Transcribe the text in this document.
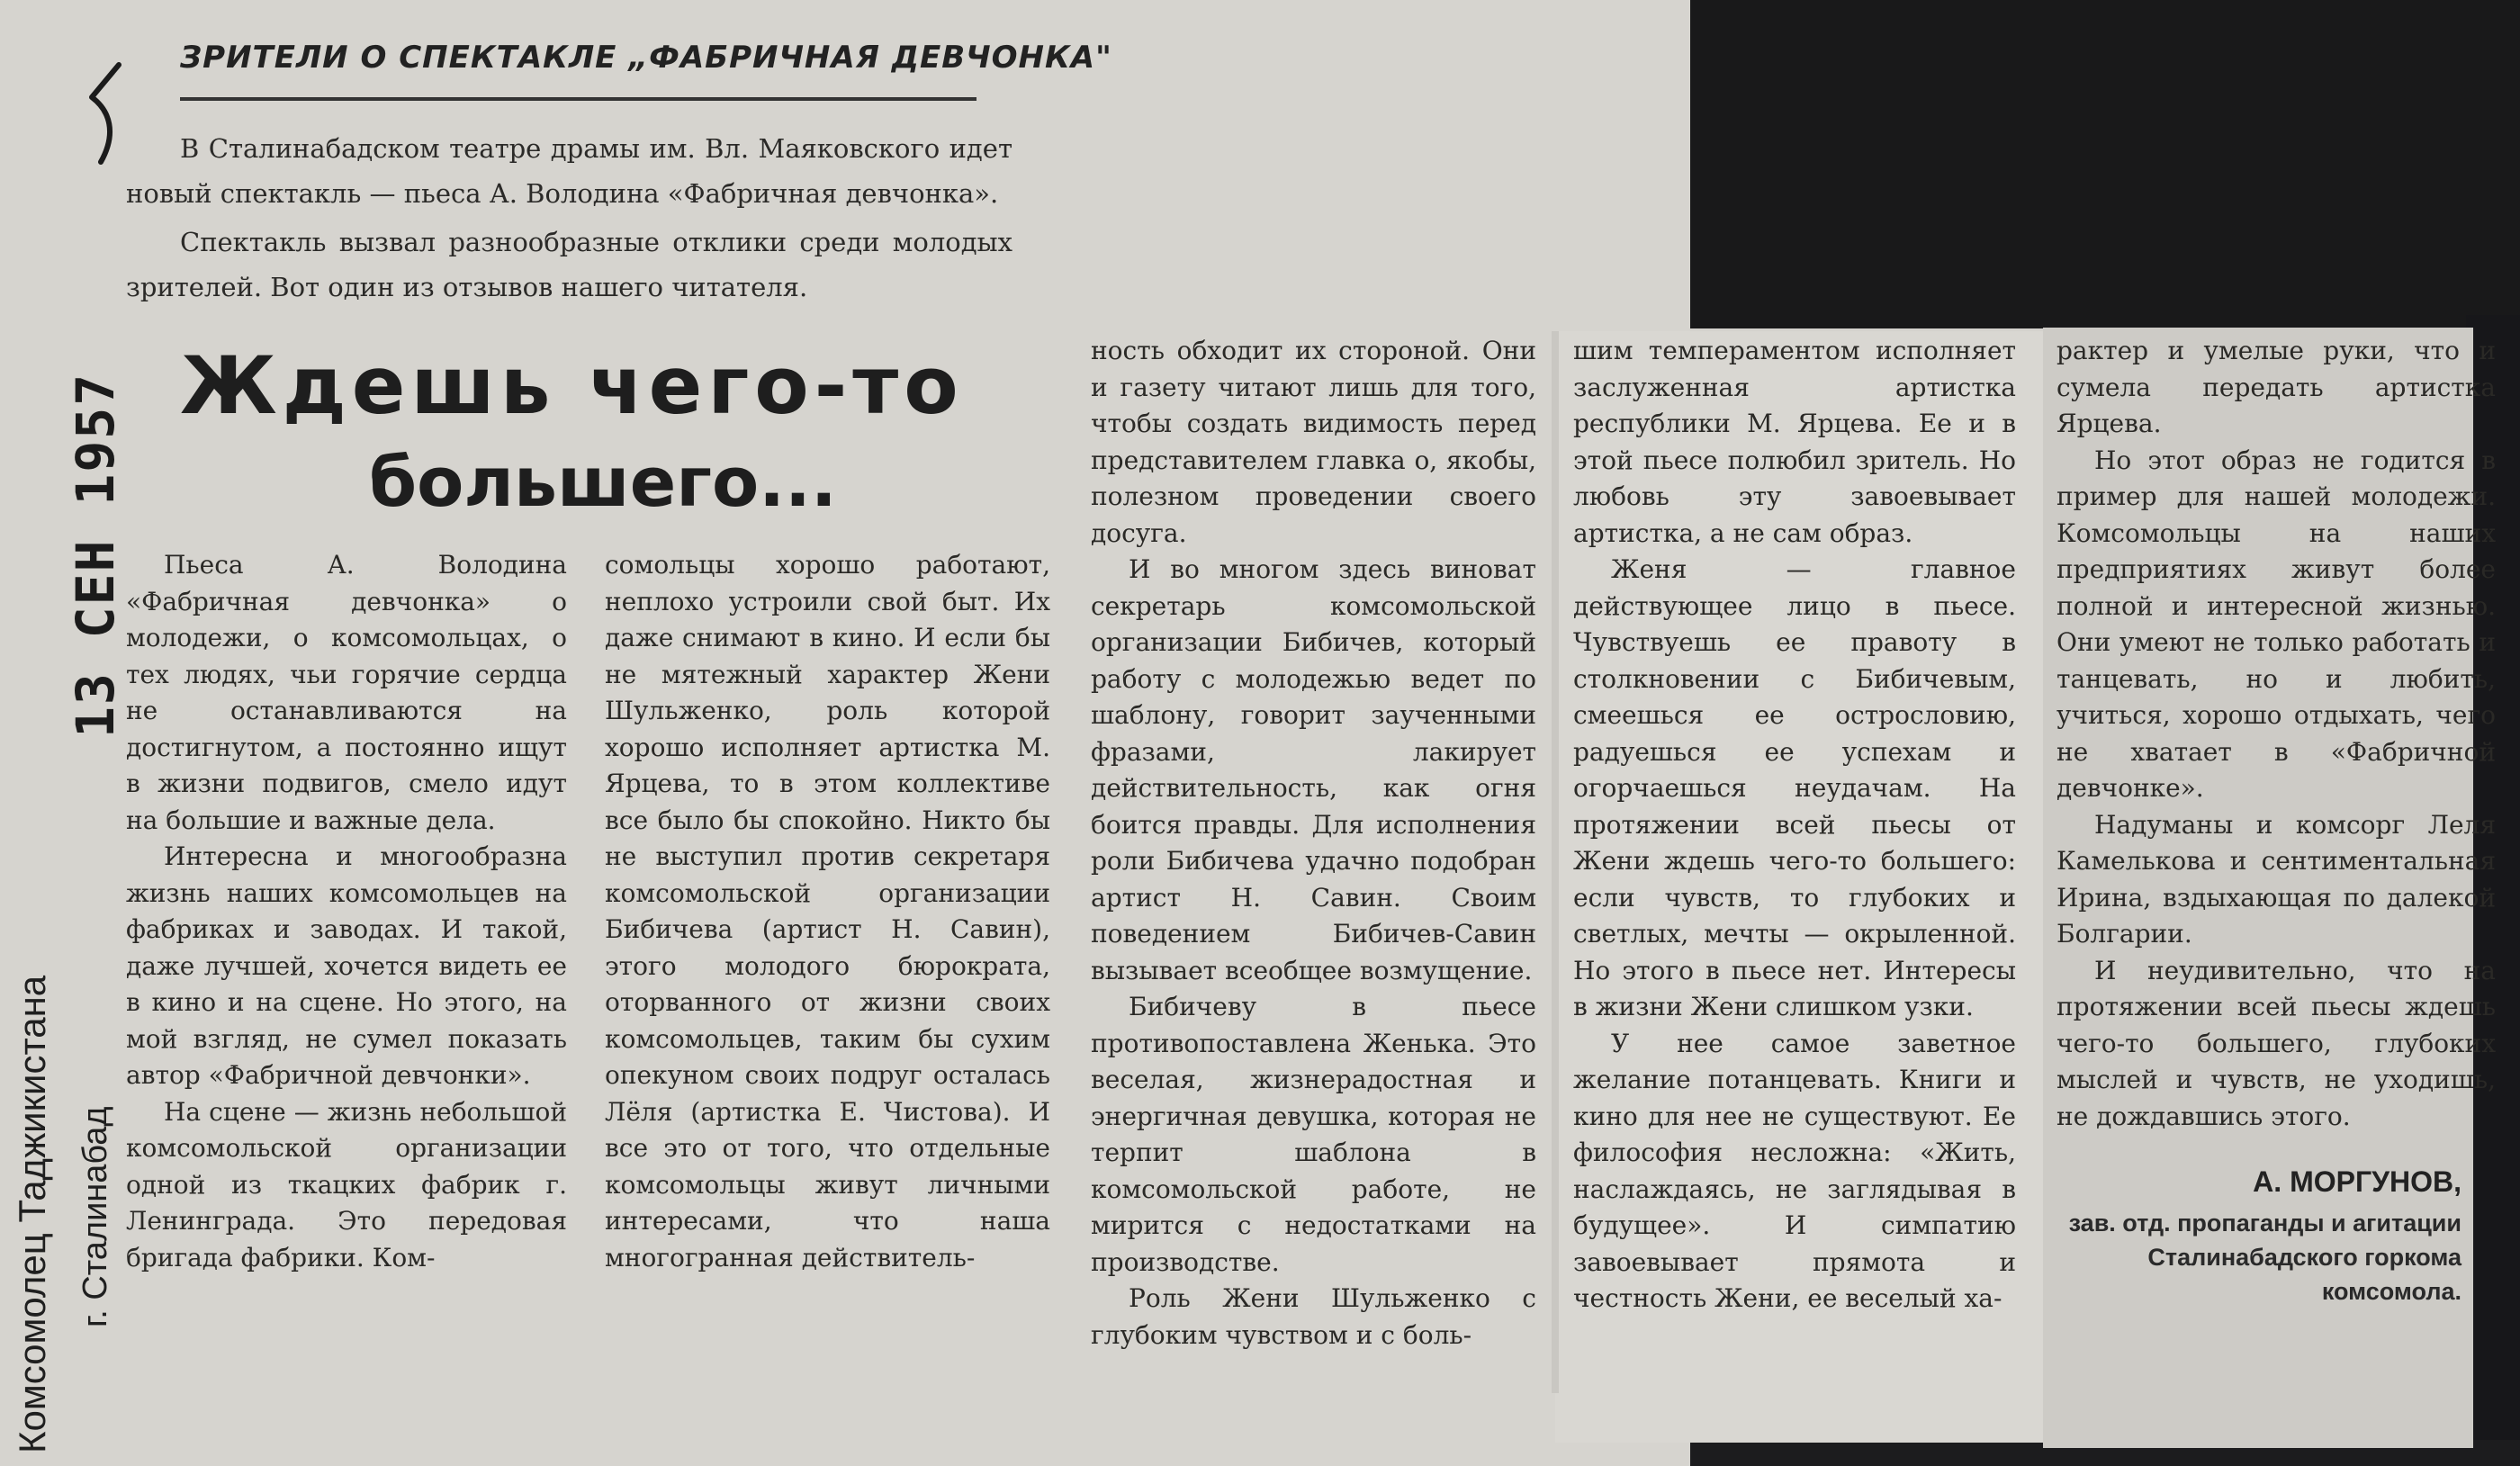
13 СЕН 1957
г. Сталинабад
Комсомолец Таджикистана
ЗРИТЕЛИ О СПЕКТАКЛЕ „ФАБРИЧНАЯ ДЕВЧОНКА"

В Сталинабадском театре драмы им. Вл. Маяковского идет новый спектакль — пьеса А. Володина «Фабричная девчонка».

Спектакль вызвал разнообразные отклики среди молодых зрителей. Вот один из отзывов нашего читателя.

Ждешь чего-то
большего...

Пьеса А. Володина «Фабричная девчонка» о молодежи, о комсомольцах, о тех людях, чьи горячие сердца не останавливаются на достигнутом, а постоянно ищут в жизни подвигов, смело идут на большие и важные дела.

Интересна и многообразна жизнь наших комсомольцев на фабриках и заводах. И такой, даже лучшей, хочется видеть ее в кино и на сцене. Но этого, на мой взгляд, не сумел показать автор «Фабричной девчонки».

На сцене — жизнь небольшой комсомольской организации одной из ткацких фабрик г. Ленинграда. Это передовая бригада фабрики. Ком-

сомольцы хорошо работают, неплохо устроили свой быт. Их даже снимают в кино. И если бы не мятежный характер Жени Шульженко, роль которой хорошо исполняет артистка М. Ярцева, то в этом коллективе все было бы спокойно. Никто бы не выступил против секретаря комсомольской организации Бибичева (артист Н. Савин), этого молодого бюрократа, оторванного от жизни своих комсомольцев, таким бы сухим опекуном своих подруг осталась Лёля (артистка Е. Чистова). И все это от того, что отдельные комсомольцы живут личными интересами, что наша многогранная действитель-

ность обходит их стороной. Они и газету читают лишь для того, чтобы создать видимость перед представителем главка о, якобы, полезном проведении своего досуга.

И во многом здесь виноват секретарь комсомольской организации Бибичев, который работу с молодежью ведет по шаблону, говорит заученными фразами, лакирует действительность, как огня боится правды. Для исполнения роли Бибичева удачно подобран артист Н. Савин. Своим поведением Бибичев-Савин вызывает всеобщее возмущение.

Бибичеву в пьесе противопоставлена Женька. Это веселая, жизнерадостная и энергичная девушка, которая не терпит шаблона в комсомольской работе, не мирится с недостатками на производстве.

Роль Жени Шульженко с глубоким чувством и с боль-

шим темпераментом исполняет заслуженная артистка республики М. Ярцева. Ее и в этой пьесе полюбил зритель. Но любовь эту завоевывает артистка, а не сам образ.

Женя — главное действующее лицо в пьесе. Чувствуешь ее правоту в столкновении с Бибичевым, смеешься ее остроcлoвию, радуешься ее успехам и огорчаешься неудачам. На протяжении всей пьесы от Жени ждешь чего-то большего: если чувств, то глубоких и светлых, мечты — окрыленной. Но этого в пьесе нет. Интересы в жизни Жени слишком узки.

У нее самое заветное желание потанцевать. Книги и кино для нее не существуют. Ее философия несложна: «Жить, наслаждаясь, не заглядывая в будущее». И симпатию завоевывает прямота и честность Жени, ее веселый ха-

рактер и умелые руки, что и сумела передать артистка Ярцева.

Но этот образ не годится в пример для нашей молодежи. Комсомольцы на наших предприятиях живут более полной и интересной жизнью. Они умеют не только работать и танцевать, но и любить, учиться, хорошо отдыхать, чего не хватает в «Фабричной девчонке».

Надуманы и комсорг Леля Камелькова и сентиментальная Ирина, вздыхающая по далекой Болгарии.

И неудивительно, что на протяжении всей пьесы ждешь чего-то большего, глубоких мыслей и чувств, не уходишь, не дождавшись этого.

А. МОРГУНОВ,
зав. отд. пропаганды и агитации Сталинабадского горкома комсомола.
